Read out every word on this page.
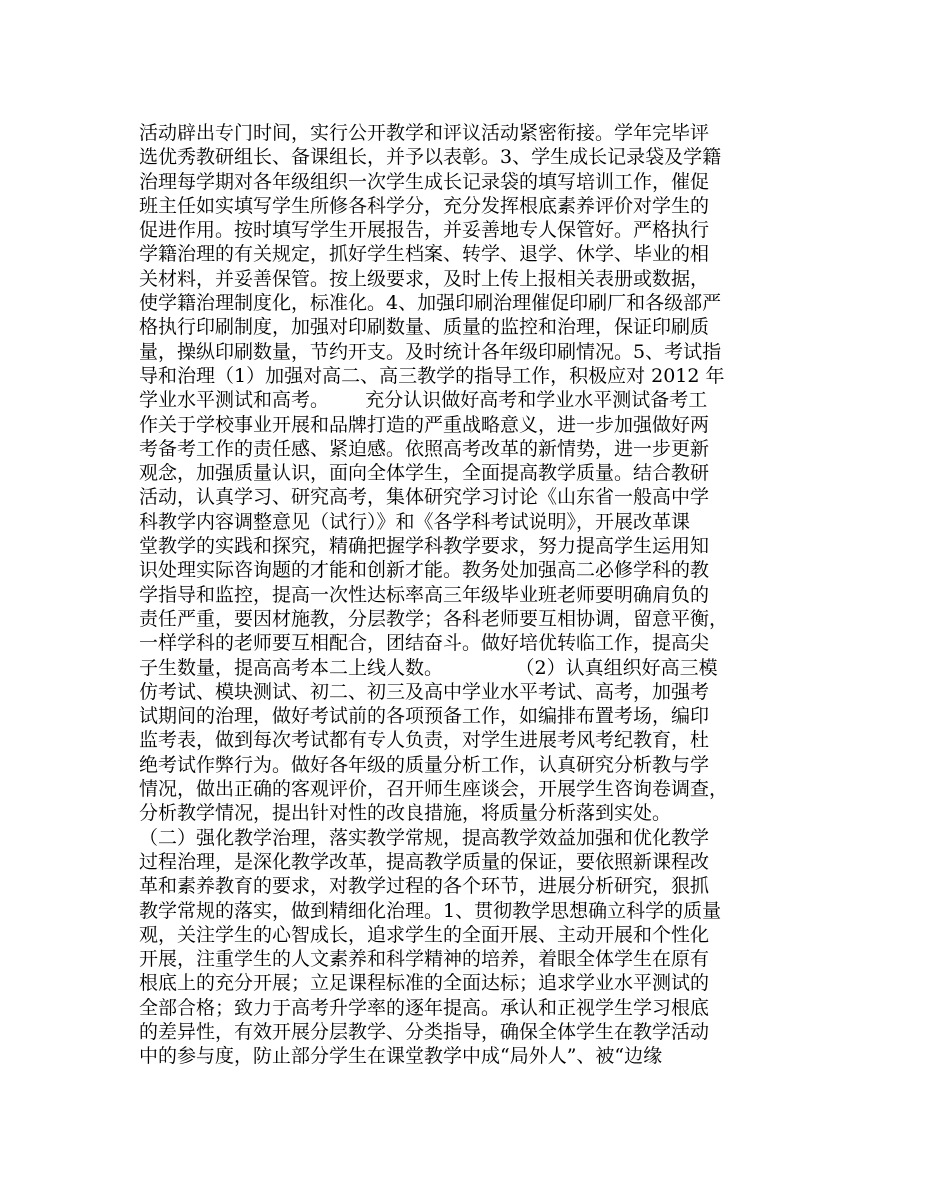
活动辟出专门时间，实行公开教学和评议活动紧密衔接。学年完毕评
选优秀教研组长、备课组长，并予以表彰。3、学生成长记录袋及学籍
治理每学期对各年级组织一次学生成长记录袋的填写培训工作，催促
班主任如实填写学生所修各科学分，充分发挥根底素养评价对学生的
促进作用。按时填写学生开展报告，并妥善地专人保管好。严格执行
学籍治理的有关规定，抓好学生档案、转学、退学、休学、毕业的相
关材料，并妥善保管。按上级要求，及时上传上报相关表册或数据，
使学籍治理制度化，标准化。4、加强印刷治理催促印刷厂和各级部严
格执行印刷制度，加强对印刷数量、质量的监控和治理，保证印刷质
量，操纵印刷数量，节约开支。及时统计各年级印刷情况。5、考试指
导和治理（1）加强对高二、高三教学的指导工作，积极应对 2012 年
学业水平测试和高考。      充分认识做好高考和学业水平测试备考工
作关于学校事业开展和品牌打造的严重战略意义，进一步加强做好两
考备考工作的责任感、紧迫感。依照高考改革的新情势，进一步更新
观念，加强质量认识，面向全体学生，全面提高教学质量。结合教研
活动，认真学习、研究高考，集体研究学习讨论《山东省一般高中学
科教学内容调整意见（试行）》和《各学科考试说明》，开展改革课
堂教学的实践和探究，精确把握学科教学要求，努力提高学生运用知
识处理实际咨询题的才能和创新才能。教务处加强高二必修学科的教
学指导和监控，提高一次性达标率高三年级毕业班老师要明确肩负的
责任严重，要因材施教，分层教学；各科老师要互相协调，留意平衡，
一样学科的老师要互相配合，团结奋斗。做好培优转临工作，提高尖
子生数量，提高高考本二上线人数。            （2）认真组织好高三模
仿考试、模块测试、初二、初三及高中学业水平考试、高考，加强考
试期间的治理，做好考试前的各项预备工作，如编排布置考场，编印
监考表，做到每次考试都有专人负责，对学生进展考风考纪教育，杜
绝考试作弊行为。做好各年级的质量分析工作，认真研究分析教与学
情况，做出正确的客观评价，召开师生座谈会，开展学生咨询卷调查，
分析教学情况，提出针对性的改良措施，将质量分析落到实处。
（二）强化教学治理，落实教学常规，提高教学效益加强和优化教学
过程治理，是深化教学改革，提高教学质量的保证，要依照新课程改
革和素养教育的要求，对教学过程的各个环节，进展分析研究，狠抓
教学常规的落实，做到精细化治理。1、贯彻教学思想确立科学的质量
观，关注学生的心智成长，追求学生的全面开展、主动开展和个性化
开展，注重学生的人文素养和科学精神的培养，着眼全体学生在原有
根底上的充分开展；立足课程标准的全面达标；追求学业水平测试的
全部合格；致力于高考升学率的逐年提高。承认和正视学生学习根底
的差异性，有效开展分层教学、分类指导，确保全体学生在教学活动
中的参与度，防止部分学生在课堂教学中成“局外人”、被“边缘
